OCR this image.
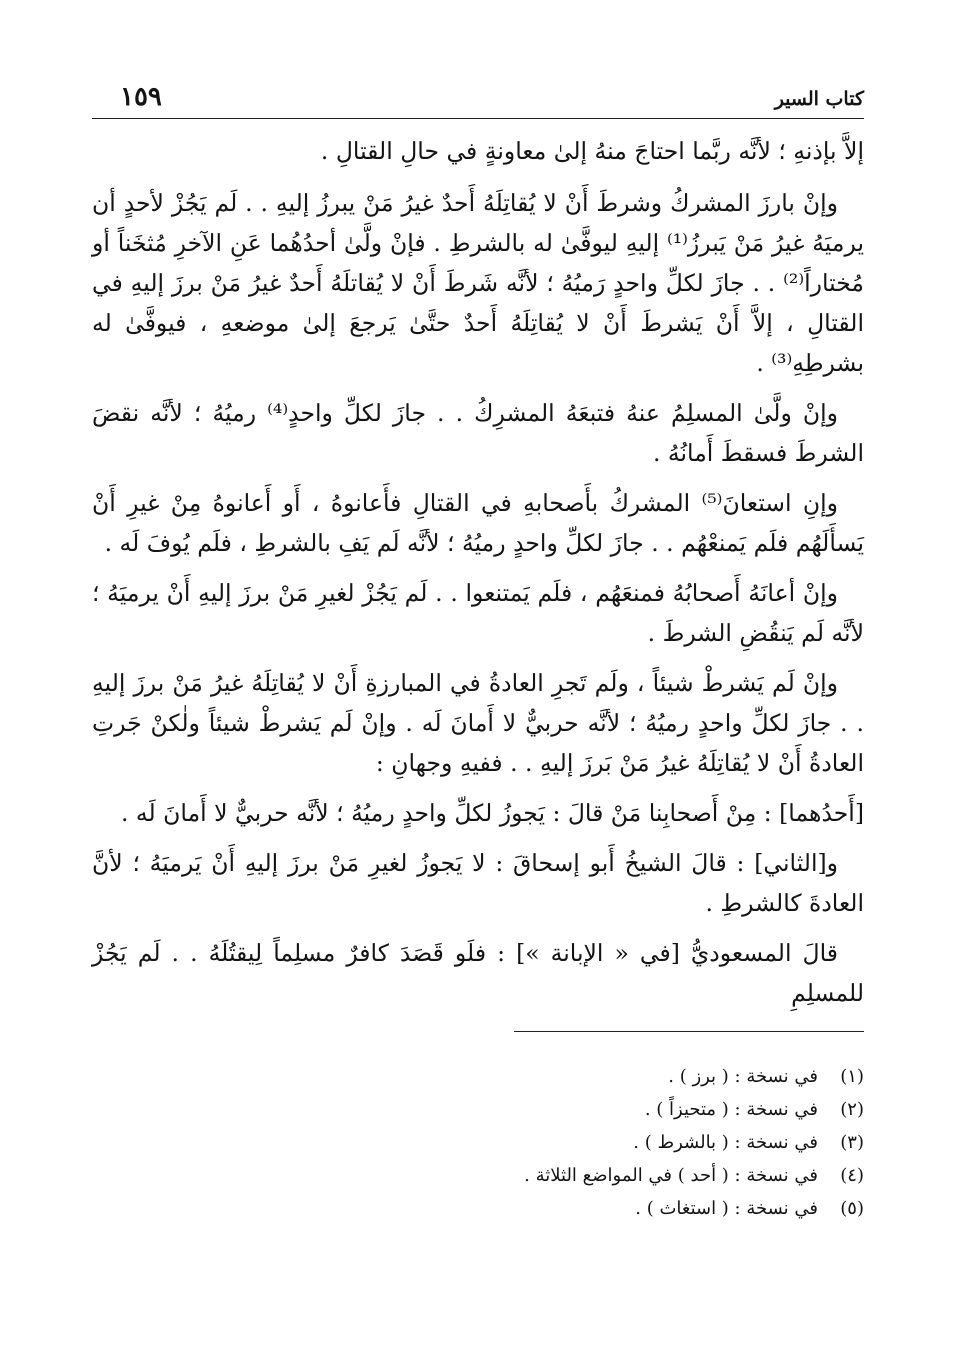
كتاب السير
١٥٩

إلاَّ بإذنهِ ؛ لأنَّه ربَّما احتاجَ منهُ إلىٰ معاونةٍ في حالِ القتالِ .

وإنْ بارزَ المشركُ وشرطَ أَنْ لا يُقاتِلَهُ أَحدٌ غيرُ مَنْ يبرزُ إليهِ . . لَم يَجُزْ لأحدٍ أن يرميَهُ غيرُ مَنْ يَبرزُ⁽¹⁾ إليهِ ليوفَّىٰ له بالشرطِ . فإنْ ولَّىٰ أحدُهُما عَنِ الآخرِ مُثخَناً أو مُختاراً⁽²⁾ . . جازَ لكلِّ واحدٍ رَميُهُ ؛ لأنَّه شَرطَ أَنْ لا يُقاتلَهُ أَحدٌ غيرُ مَنْ برزَ إليهِ في القتالِ ، إلاَّ أَنْ يَشرطَ أَنْ لا يُقاتِلَهُ أَحدٌ حتَّىٰ يَرجعَ إلىٰ موضعهِ ، فيوفَّىٰ له بشرطِهِ⁽³⁾ .

وإنْ ولَّىٰ المسلِمُ عنهُ فتبعَهُ المشرِكُ . . جازَ لكلِّ واحدٍ⁽⁴⁾ رميُهُ ؛ لأنَّه نقضَ الشرطَ فسقطَ أَمانُهُ .

وإنِ استعانَ⁽⁵⁾ المشركُ بأَصحابهِ في القتالِ فأَعانوهُ ، أَو أَعانوهُ مِنْ غيرِ أَنْ يَسأَلَهُم فلَم يَمنعْهُم . . جازَ لكلِّ واحدٍ رميُهُ ؛ لأنَّه لَم يَفِ بالشرطِ ، فلَم يُوفَ لَه .

وإنْ أعانَهُ أَصحابُهُ فمنعَهُم ، فلَم يَمتنعوا . . لَم يَجُزْ لغيرِ مَنْ برزَ إليهِ أَنْ يرميَهُ ؛ لأنَّه لَم يَنقُضِ الشرطَ .

وإنْ لَم يَشرطْ شيئاً ، ولَم تَجرِ العادةُ في المبارزةِ أَنْ لا يُقاتِلَهُ غيرُ مَنْ برزَ إليهِ . . جازَ لكلِّ واحدٍ رميُهُ ؛ لأنَّه حربيٌّ لا أَمانَ لَه . وإنْ لَم يَشرطْ شيئاً ولٰكنْ جَرتِ العادةُ أَنْ لا يُقاتِلَهُ غيرُ مَنْ بَرزَ إليهِ . . ففيهِ وجهانِ :

[أَحدُهما] : مِنْ أَصحابِنا مَنْ قالَ : يَجوزُ لكلِّ واحدٍ رميُهُ ؛ لأنَّه حربيٌّ لا أَمانَ لَه .

و[الثاني] : قالَ الشيخُ أَبو إسحاقَ : لا يَجوزُ لغيرِ مَنْ برزَ إليهِ أَنْ يَرميَهُ ؛ لأنَّ العادةَ كالشرطِ .

قالَ المسعوديُّ [في « الإبانة »] : فلَو قَصَدَ كافرٌ مسلِماً لِيقتُلَهُ . . لَم يَجُزْ للمسلِمِ

(١)
في نسخة : ( برز ) .
(٢)
في نسخة : ( متحيزاً ) .
(٣)
في نسخة : ( بالشرط ) .
(٤)
في نسخة : ( أحد ) في المواضع الثلاثة .
(٥)
في نسخة : ( استغاث ) .
